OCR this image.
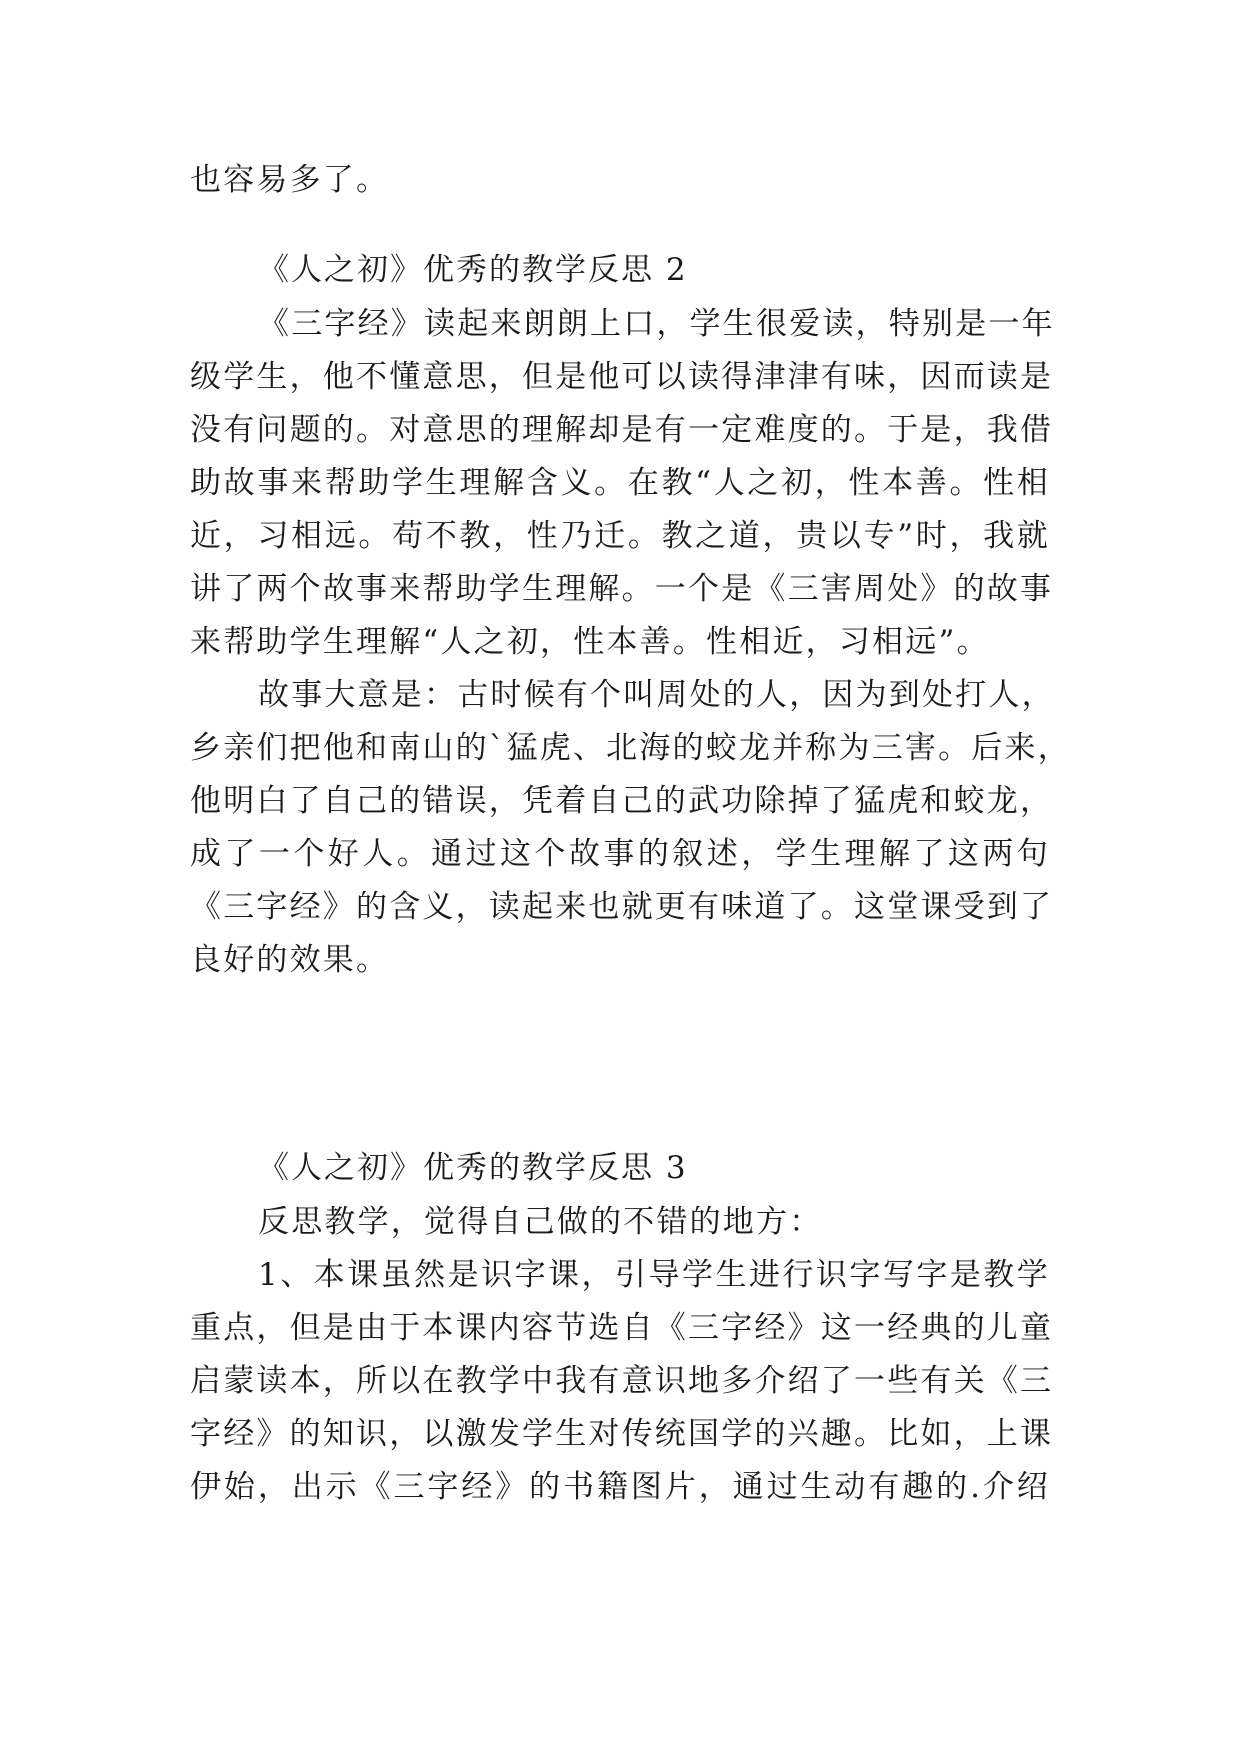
也容易多了。
《人之初》优秀的教学反思 2
《三字经》读起来朗朗上口，学生很爱读，特别是一年
级学生，他不懂意思，但是他可以读得津津有味，因而读是
没有问题的。对意思的理解却是有一定难度的。于是，我借
助故事来帮助学生理解含义。在教“人之初，性本善。性相
近，习相远。苟不教，性乃迁。教之道，贵以专”时，我就
讲了两个故事来帮助学生理解。一个是《三害周处》的故事
来帮助学生理解“人之初，性本善。性相近，习相远”。
故事大意是：古时候有个叫周处的人，因为到处打人，
乡亲们把他和南山的`猛虎、北海的蛟龙并称为三害。后来，
他明白了自己的错误，凭着自己的武功除掉了猛虎和蛟龙，
成了一个好人。通过这个故事的叙述，学生理解了这两句
《三字经》的含义，读起来也就更有味道了。这堂课受到了
良好的效果。
《人之初》优秀的教学反思 3
反思教学，觉得自己做的不错的地方：
1、本课虽然是识字课，引导学生进行识字写字是教学
重点，但是由于本课内容节选自《三字经》这一经典的儿童
启蒙读本，所以在教学中我有意识地多介绍了一些有关《三
字经》的知识，以激发学生对传统国学的兴趣。比如，上课
伊始，出示《三字经》的书籍图片，通过生动有趣的.介绍
